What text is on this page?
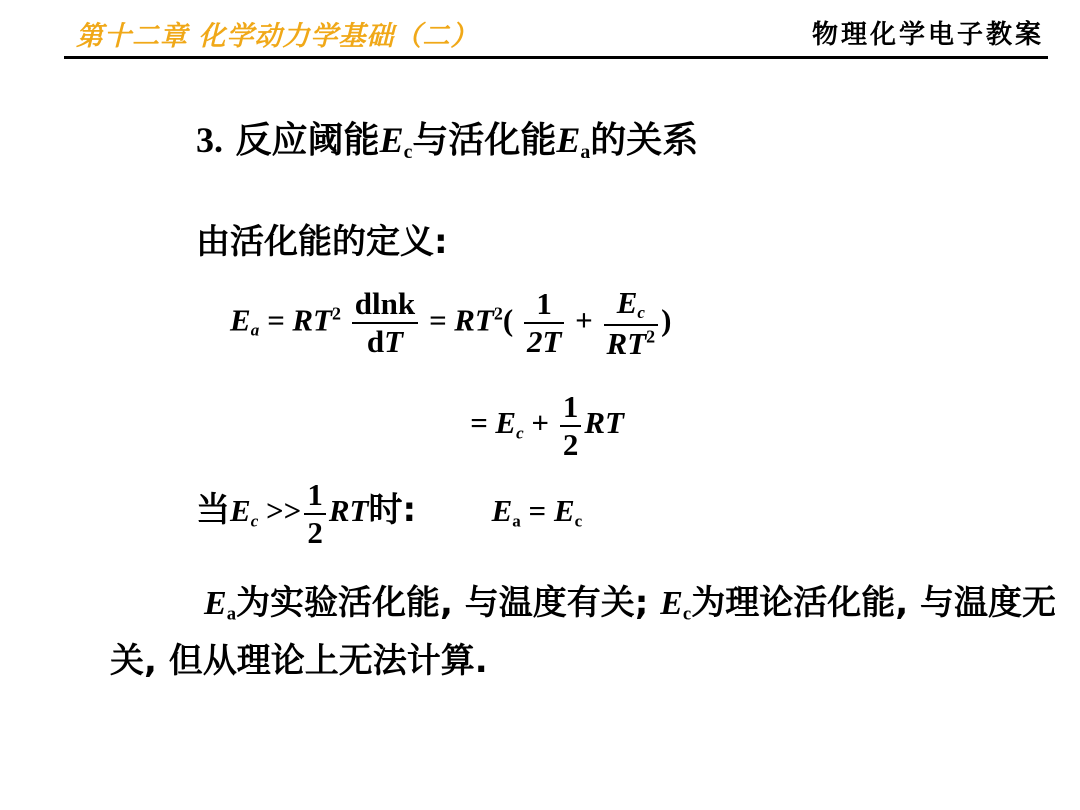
第十二章 化学动力学基础（二）	物理化学电子教案
3. 反应阈能$E_c$与活化能$E_a$的关系
由活化能的定义:
$E_a = RT^2 \frac{dlnk}{dT} = RT^2( \frac{1}{2T} + \frac{E_c}{RT^2}$ )
= $E_c + \frac{1}{2}$ RT
当$E_c >> \frac{1}{2}$ RT时: $E_a = E_c$
$E_a$为实验活化能, 与温度有关; $E_c$为理论活化能, 与温度无关, 但从理论上无法计算.
